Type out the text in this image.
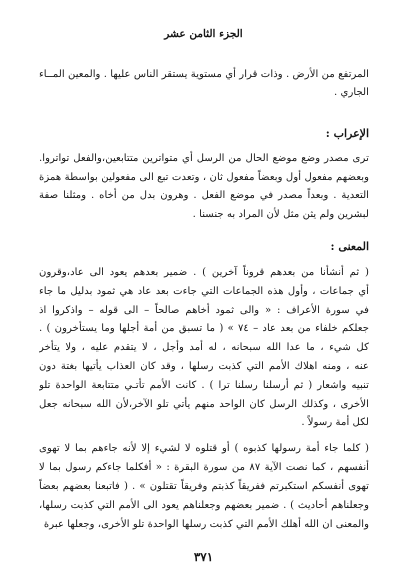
الجزء الثامن عشر
المرتفع من الأرض . وذات قرار أي مستوية يستقر الناس عليها . والمعين المــاء
الجاري .
الإعراب :
ترى مصدر وضع موضع الحال من الرسل أي متواترين متتابعين،والفعل تواتروا.
وبعضهم مفعول أول وبعضاً مفعول ثان ، وتعدت تبع الى مفعولين بواسطة همزة
التعدية . وبعداً مصدر في موضع الفعل . وهرون بدل من أخاه . ومثلنا صفة
لبشرين ولم يثن مثل لأن المراد به جنسنا .
المعنى :
( ثم أنشأنا من بعدهم قروناً آخرين ) . ضمير بعدهم يعود الى عاد،وقرون
أي جماعات ، وأول هذه الجماعات التي جاءت بعد عاد هي ثمود بدليل ما جاء
في سورة الأعراف : « والى ثمود أخاهم صالحاً – الى قوله – واذكروا اذ
جعلكم خلفاء من بعد عاد – ٧٤ » ( ما تسبق من أمة أجلها وما يستأخرون ) .
كل شيء ، ما عدا الله سبحانه ، له أمد وأجل ، لا يتقدم عليه ، ولا يتأخر
عنه ، ومنه اهلاك الأمم التي كذبت رسلها ، وقد كان العذاب يأتيها بغتة دون
تنبيه واشعار ( ثم أرسلنا رسلنا ترا ) . كانت الأمم تأتـي متتابعة الواحدة تلو
الأخرى ، وكذلك الرسل كان الواحد منهم يأتي تلو الآخر،لأن الله سبحانه جعل
لكل أمة رسولاً .
( كلما جاء أمة رسولها كذبوه ) أو قتلوه لا لشيء إلا لأنه جاءهم بما لا تهوى
أنفسهم ، كما نصت الآية ٨٧ من سورة البقرة : « أفكلما جاءكم رسول بما لا
تهوى أنفسكم استكبرتم ففريقاً كذبتم وفريقاً تقتلون » . ( فاتبعنا بعضهم بعضاً
وجعلناهم أحاديث ) . ضمير بعضهم وجعلناهم يعود الى الأمم التي كذبت رسلها،
والمعنى ان الله أهلك الأمم التي كذبت رسلها الواحدة تلو الأخرى، وجعلها عبرة
٣٧١
